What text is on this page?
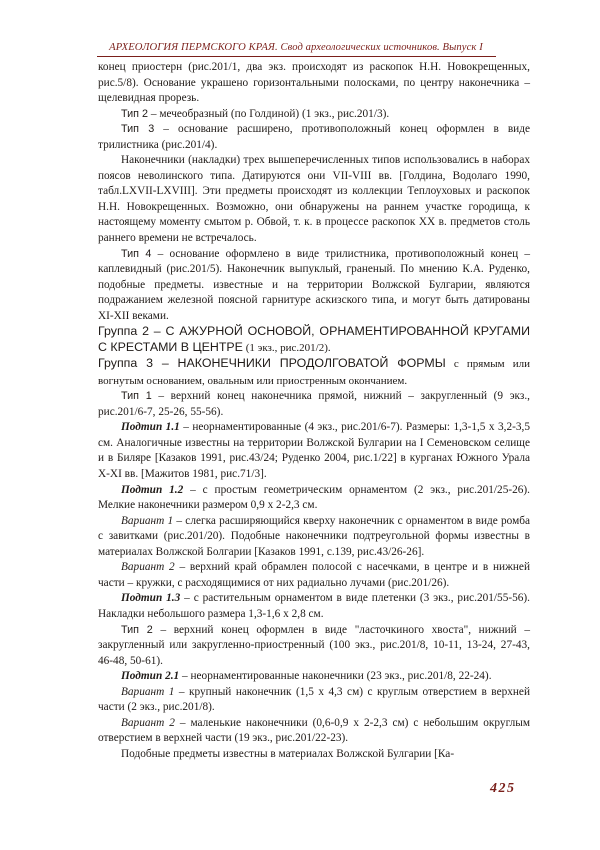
АРХЕОЛОГИЯ ПЕРМСКОГО КРАЯ. Свод археологических источников. Выпуск I

конец приостерн (рис.201/1, два экз. происходят из раскопок Н.Н. Новокрещенных, рис.5/8). Основание украшено горизонтальными полосками, по центру наконечника – щелевидная прорезь.

Тип 2 – мечеобразный (по Голдиной) (1 экз., рис.201/3).

Тип 3 – основание расширено, противоположный конец оформлен в виде трилистника (рис.201/4).

Наконечники (накладки) трех вышеперечисленных типов использовались в наборах поясов неволинского типа. Датируются они VII-VIII вв. [Голдина, Водолаго 1990, табл.LXVII-LXVIII]. Эти предметы происходят из коллекции Теплоуховых и раскопок Н.Н. Новокрещенных. Возможно, они обнаружены на раннем участке городища, к настоящему моменту смытом р. Обвой, т. к. в процессе раскопок XX в. предметов столь раннего времени не встречалось.

Тип 4 – основание оформлено в виде трилистника, противоположный конец – каплевидный (рис.201/5). Наконечник выпуклый, граненый. По мнению К.А. Руденко, подобные предметы. известные и на территории Волжской Булгарии, являются подражанием железной поясной гарнитуре аскизского типа, и могут быть датированы XI-XII веками.

Группа 2 – С АЖУРНОЙ ОСНОВОЙ, ОРНАМЕНТИРОВАННОЙ КРУГАМИ С КРЕСТАМИ В ЦЕНТРЕ (1 экз., рис.201/2).

Группа 3 – НАКОНЕЧНИКИ ПРОДОЛГОВАТОЙ ФОРМЫ с прямым или вогнутым основанием, овальным или приостренным окончанием.

Тип 1 – верхний конец наконечника прямой, нижний – закругленный (9 экз., рис.201/6-7, 25-26, 55-56).

Подтип 1.1 – неорнаментированные (4 экз., рис.201/6-7). Размеры: 1,3-1,5 х 3,2-3,5 см. Аналогичные известны на территории Волжской Булгарии на I Семеновском селище и в Биляре [Казаков 1991, рис.43/24; Руденко 2004, рис.1/22] в курганах Южного Урала X-XI вв. [Мажитов 1981, рис.71/3].

Подтип 1.2 – с простым геометрическим орнаментом (2 экз., рис.201/25-26). Мелкие наконечники размером 0,9 х 2-2,3 см.

Вариант 1 – слегка расширяющийся кверху наконечник с орнаментом в виде ромба с завитками (рис.201/20). Подобные наконечники подтреугольной формы известны в материалах Волжской Болгарии [Казаков 1991, с.139, рис.43/26-26].

Вариант 2 – верхний край обрамлен полосой с насечками, в центре и в нижней части – кружки, с расходящимися от них радиально лучами (рис.201/26).

Подтип 1.3 – с растительным орнаментом в виде плетенки (3 экз., рис.201/55-56). Накладки небольшого размера 1,3-1,6 х 2,8 см.

Тип 2 – верхний конец оформлен в виде "ласточкиного хвоста", нижний – закругленный или закругленно-приостренный (100 экз., рис.201/8, 10-11, 13-24, 27-43, 46-48, 50-61).

Подтип 2.1 – неорнаментированные наконечники (23 экз., рис.201/8, 22-24).

Вариант 1 – крупный наконечник (1,5 х 4,3 см) с круглым отверстием в верхней части (2 экз., рис.201/8).

Вариант 2 – маленькие наконечники (0,6-0,9 х 2-2,3 см) с небольшим округлым отверстием в верхней части (19 экз., рис.201/22-23).

Подобные предметы известны в материалах Волжской Булгарии [Ка-

425
